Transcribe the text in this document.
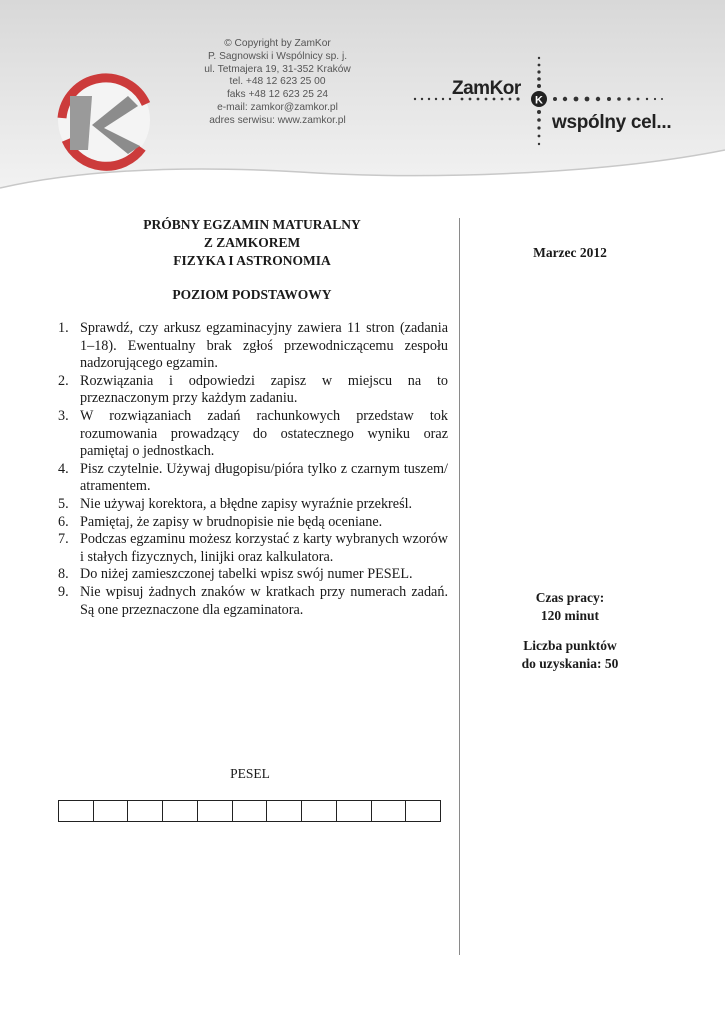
K
© Copyright by ZamKor
P. Sagnowski i Wspólnicy sp. j.
ul. Tetmajera 19, 31-352 Kraków
tel. +48 12 623 25 00
faks +48 12 623 25 24
e-mail: zamkor@zamkor.pl
adres serwisu: www.zamkor.pl
ZamKor
wspólny cel...
PRÓBNY EGZAMIN MATURALNY
Z ZAMKOREM
FIZYKA I ASTRONOMIA
POZIOM PODSTAWOWY
1. Sprawdź, czy arkusz egzaminacyjny zawiera 11 stron (zadania 1–18). Ewentualny brak zgłoś przewodniczącemu zespołu nadzorującego egzamin.
2. Rozwiązania i odpowiedzi zapisz w miejscu na to przeznaczonym przy każdym zadaniu.
3. W rozwiązaniach zadań rachunkowych przedstaw tok rozumowania prowadzący do ostatecznego wyniku oraz pamiętaj o jednostkach.
4. Pisz czytelnie. Używaj długopisu/pióra tylko z czarnym tuszem/ atramentem.
5. Nie używaj korektora, a błędne zapisy wyraźnie przekreśl.
6. Pamiętaj, że zapisy w brudnopisie nie będą oceniane.
7. Podczas egzaminu możesz korzystać z karty wybranych wzorów i stałych fizycznych, linijki oraz kalkulatora.
8. Do niżej zamieszczonej tabelki wpisz swój numer PESEL.
9. Nie wpisuj żadnych znaków w kratkach przy numerach zadań. Są one przeznaczone dla egzaminatora.
PESEL
Marzec 2012
Czas pracy:
120 minut
Liczba punktów
do uzyskania: 50
